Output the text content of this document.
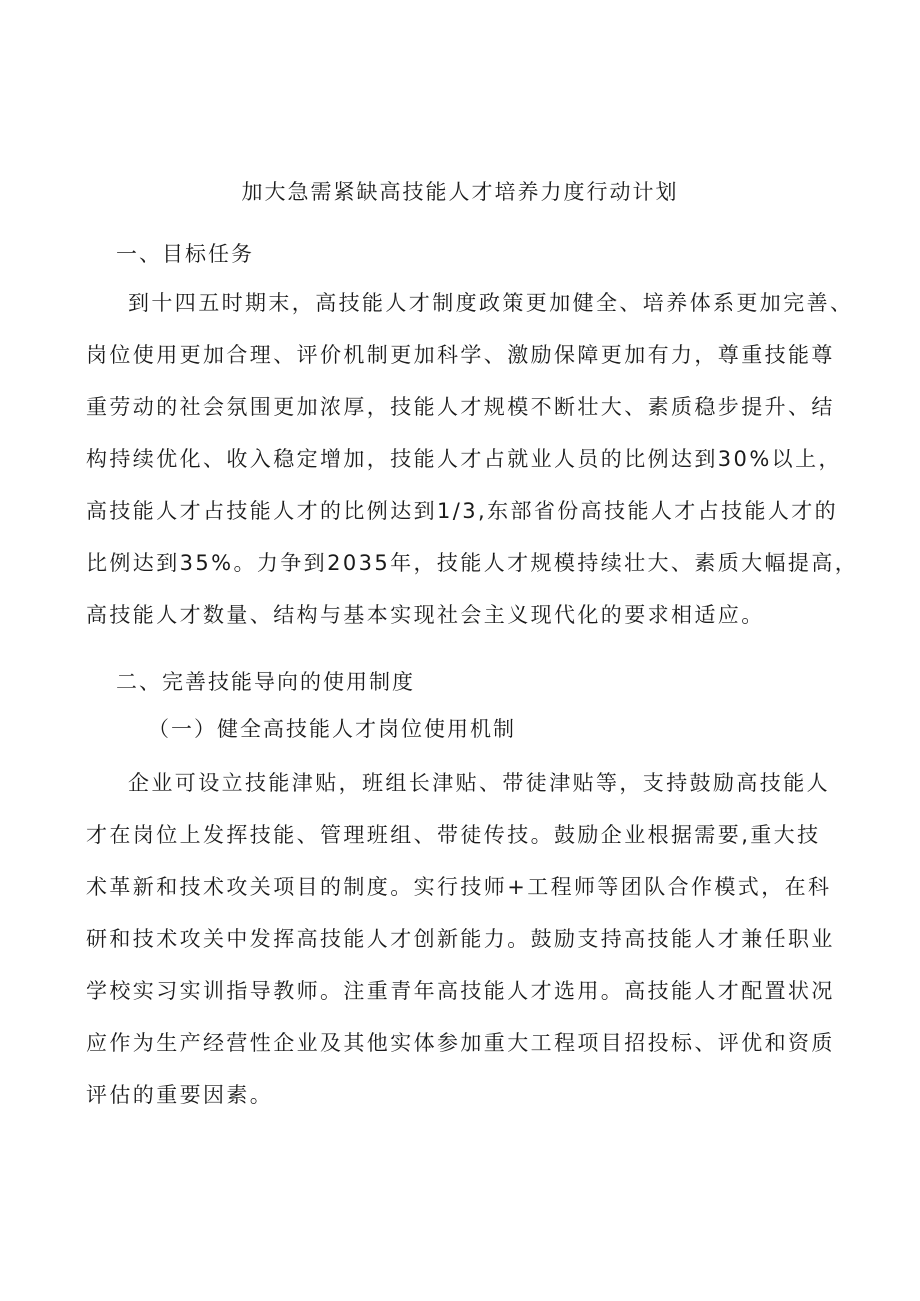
加大急需紧缺高技能人才培养力度行动计划
一、目标任务
到十四五时期末，高技能人才制度政策更加健全、培养体系更加完善、
岗位使用更加合理、评价机制更加科学、激励保障更加有力，尊重技能尊
重劳动的社会氛围更加浓厚，技能人才规模不断壮大、素质稳步提升、结
构持续优化、收入稳定增加，技能人才占就业人员的比例达到30%以上，
高技能人才占技能人才的比例达到1/3,东部省份高技能人才占技能人才的
比例达到35%。力争到2035年，技能人才规模持续壮大、素质大幅提高，
高技能人才数量、结构与基本实现社会主义现代化的要求相适应。
二、完善技能导向的使用制度
（一）健全高技能人才岗位使用机制
企业可设立技能津贴，班组长津贴、带徒津贴等，支持鼓励高技能人
才在岗位上发挥技能、管理班组、带徒传技。鼓励企业根据需要,重大技
术革新和技术攻关项目的制度。实行技师+工程师等团队合作模式，在科
研和技术攻关中发挥高技能人才创新能力。鼓励支持高技能人才兼任职业
学校实习实训指导教师。注重青年高技能人才选用。高技能人才配置状况
应作为生产经营性企业及其他实体参加重大工程项目招投标、评优和资质
评估的重要因素。
